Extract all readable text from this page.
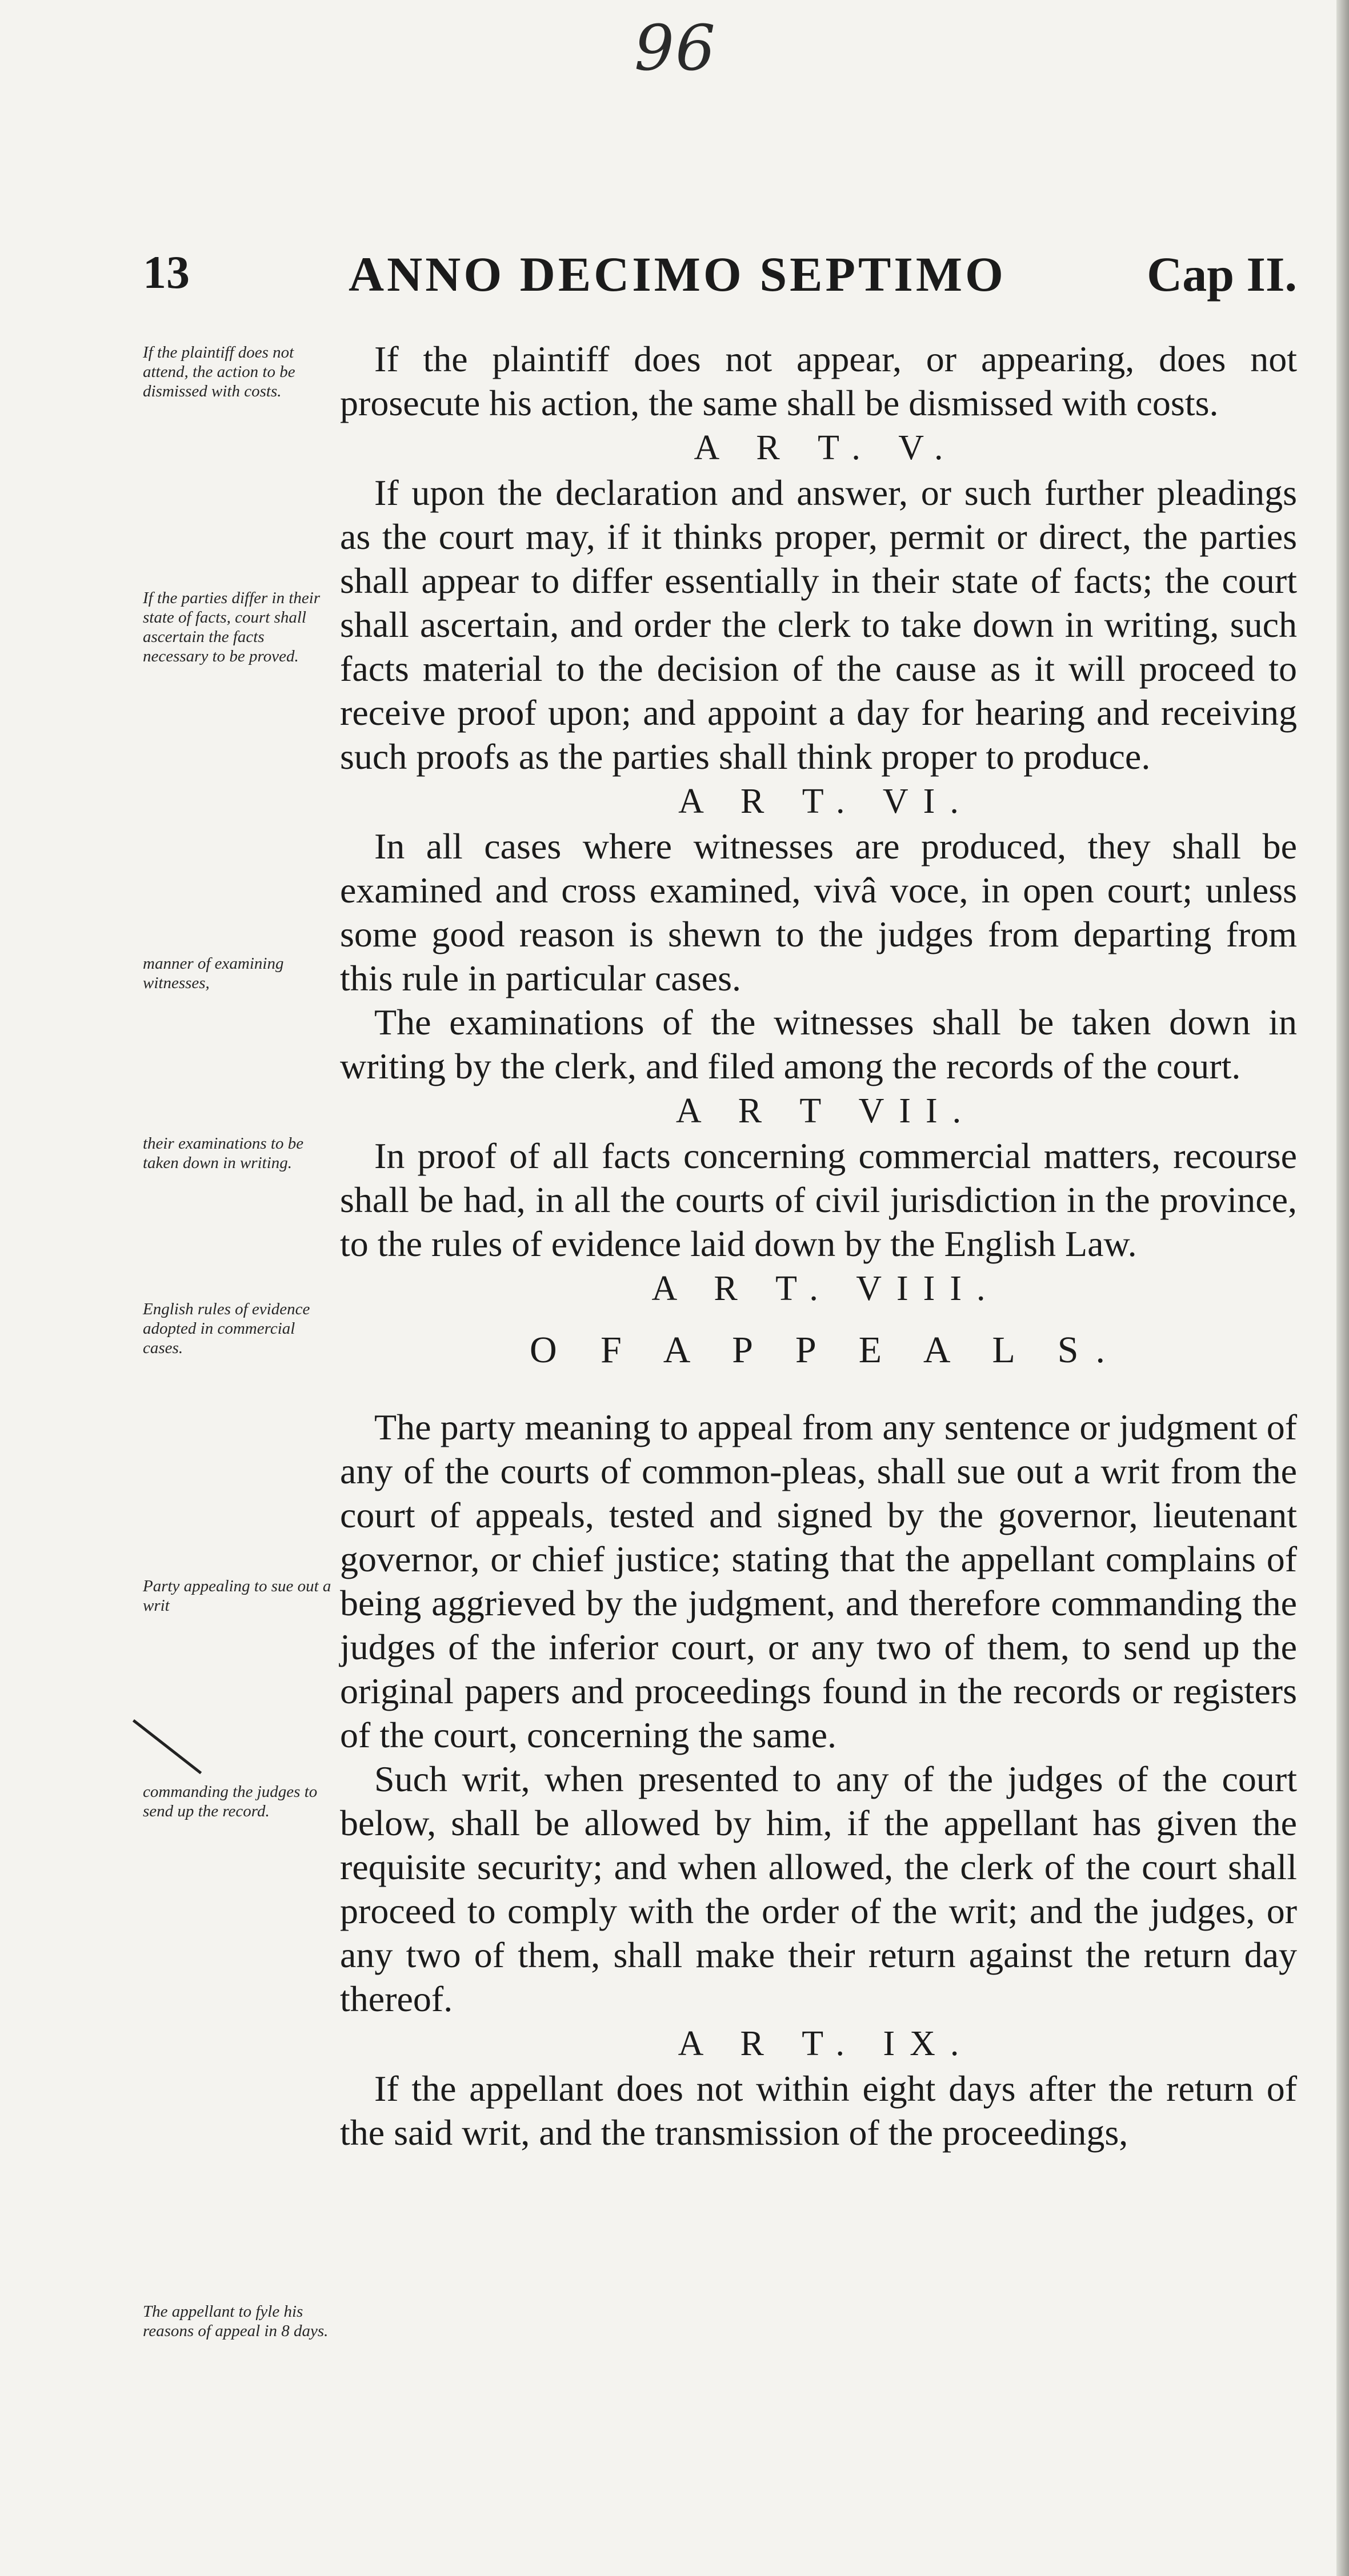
96
13	ANNO DECIMO SEPTIMO	Cap II.
If the plaintiff does not attend, the action to be dismissed with costs.
If the parties differ in their state of facts, court shall ascertain the facts necessary to be proved.
manner of examining witnesses,
their examinations to be taken down in writing.
English rules of evidence adopted in commercial cases.
Party appealing to sue out a writ
commanding the judges to send up the record.
The appellant to fyle his reasons of appeal in 8 days.

If the plaintiff does not appear, or appearing, does not prosecute his action, the same shall be dismissed with costs.

A R T. V.

If upon the declaration and answer, or such further pleadings as the court may, if it thinks proper, permit or direct, the parties shall appear to differ essentially in their state of facts; the court shall ascertain, and order the clerk to take down in writing, such facts material to the decision of the cause as it will proceed to receive proof upon; and appoint a day for hearing and receiving such proofs as the parties shall think proper to produce.

A R T. VI.

In all cases where witnesses are produced, they shall be examined and cross examined, vivâ voce, in open court; unless some good reason is shewn to the judges from departing from this rule in particular cases.

The examinations of the witnesses shall be taken down in writing by the clerk, and filed among the records of the court.

A R T VII.

In proof of all facts concerning commercial matters, recourse shall be had, in all the courts of civil jurisdiction in the province, to the rules of evidence laid down by the English Law.

A R T. VIII.
O F A P P E A L S.

The party meaning to appeal from any sentence or judgment of any of the courts of common-pleas, shall sue out a writ from the court of appeals, tested and signed by the governor, lieutenant governor, or chief justice; stating that the appellant complains of being aggrieved by the judgment, and therefore commanding the judges of the inferior court, or any two of them, to send up the original papers and proceedings found in the records or registers of the court, concerning the same.

Such writ, when presented to any of the judges of the court below, shall be allowed by him, if the appellant has given the requisite security; and when allowed, the clerk of the court shall proceed to comply with the order of the writ; and the judges, or any two of them, shall make their return against the return day thereof.

A R T. IX.

If the appellant does not within eight days after the return of the said writ, and the transmission of the proceedings,
